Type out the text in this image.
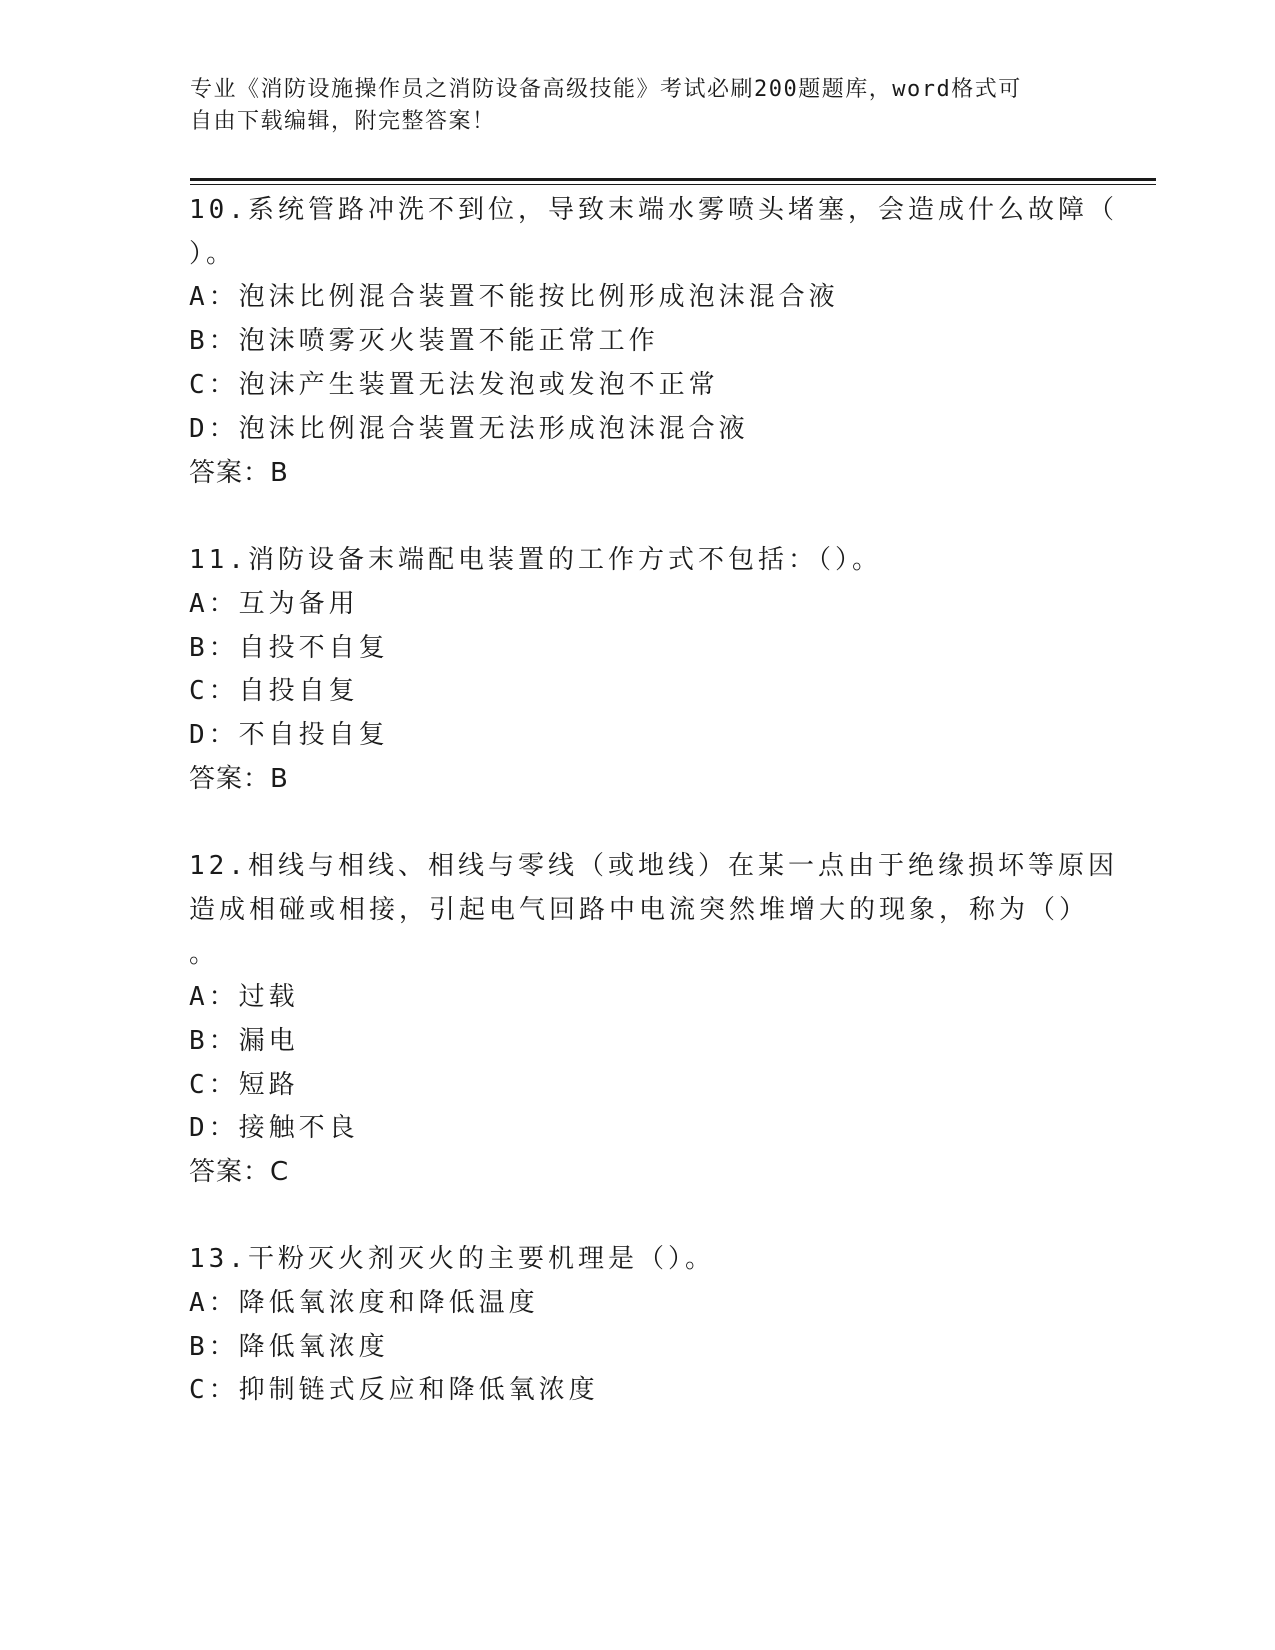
专业《消防设施操作员之消防设备高级技能》考试必刷200题题库，word格式可
自由下载编辑，附完整答案！
10.系统管路冲洗不到位，导致末端水雾喷头堵塞，会造成什么故障（
）。
A：泡沫比例混合装置不能按比例形成泡沫混合液
B：泡沫喷雾灭火装置不能正常工作
C：泡沫产生装置无法发泡或发泡不正常
D：泡沫比例混合装置无法形成泡沫混合液
答案：B
11.消防设备末端配电装置的工作方式不包括：（）。
A：互为备用
B：自投不自复
C：自投自复
D：不自投自复
答案：B
12.相线与相线、相线与零线（或地线）在某一点由于绝缘损坏等原因
造成相碰或相接，引起电气回路中电流突然堆增大的现象，称为（）
。
A：过载
B：漏电
C：短路
D：接触不良
答案：C
13.干粉灭火剂灭火的主要机理是（）。
A：降低氧浓度和降低温度
B：降低氧浓度
C：抑制链式反应和降低氧浓度
